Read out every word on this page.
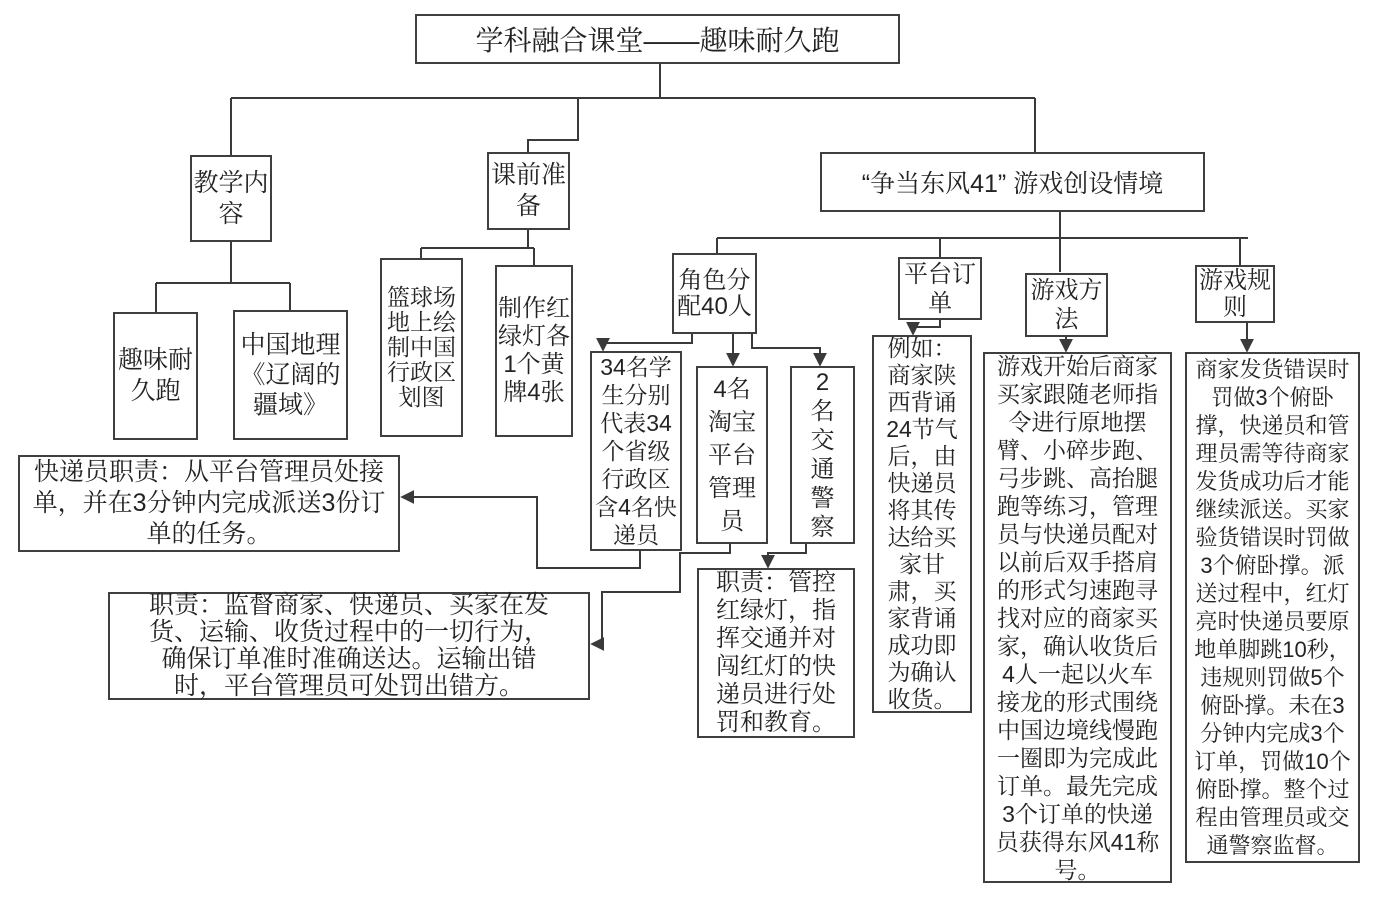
学科融合课堂——趣味耐久跑
教学内容
课前准备
“争当东风41” 游戏创设情境
趣味耐久跑
中国地理《辽阔的疆域》
篮球场地上绘制中国行政区划图
制作红绿灯各1个黄牌4张
角色分配40人
平台订单	游戏方法
游戏规则
34名学生分别代表34个省级行政区含4名快递员
4名淘宝平台管理员
2名交通警察
快递员职责：从平台管理员处接单，并在3分钟内完成派送3份订单的任务。
职责：监督商家、快递员、买家在发货、运输、收货过程中的一切行为，确保订单准时准确送达。运输出错时，平台管理员可处罚出错方。
职责：管控红绿灯，指挥交通并对闯红灯的快递员进行处罚和教育。
例如：商家陕西背诵24节气后，由快递员将其传达给买家甘肃，买家背诵成功即为确认收货。
游戏开始后商家买家跟随老师指令进行原地摆臂、小碎步跑、弓步跳、高抬腿跑等练习，管理员与快递员配对以前后双手搭肩的形式匀速跑寻找对应的商家买家，确认收货后4人一起以火车接龙的形式围绕中国边境线慢跑一圈即为完成此订单。最先完成3个订单的快递员获得东风41称号。
商家发货错误时罚做3个俯卧撑，快递员和管理员需等待商家发货成功后才能继续派送。买家验货错误时罚做3个俯卧撑。派送过程中，红灯亮时快递员要原地单脚跳10秒，违规则罚做5个俯卧撑。未在3分钟内完成3个订单，罚做10个俯卧撑。整个过程由管理员或交通警察监督。
